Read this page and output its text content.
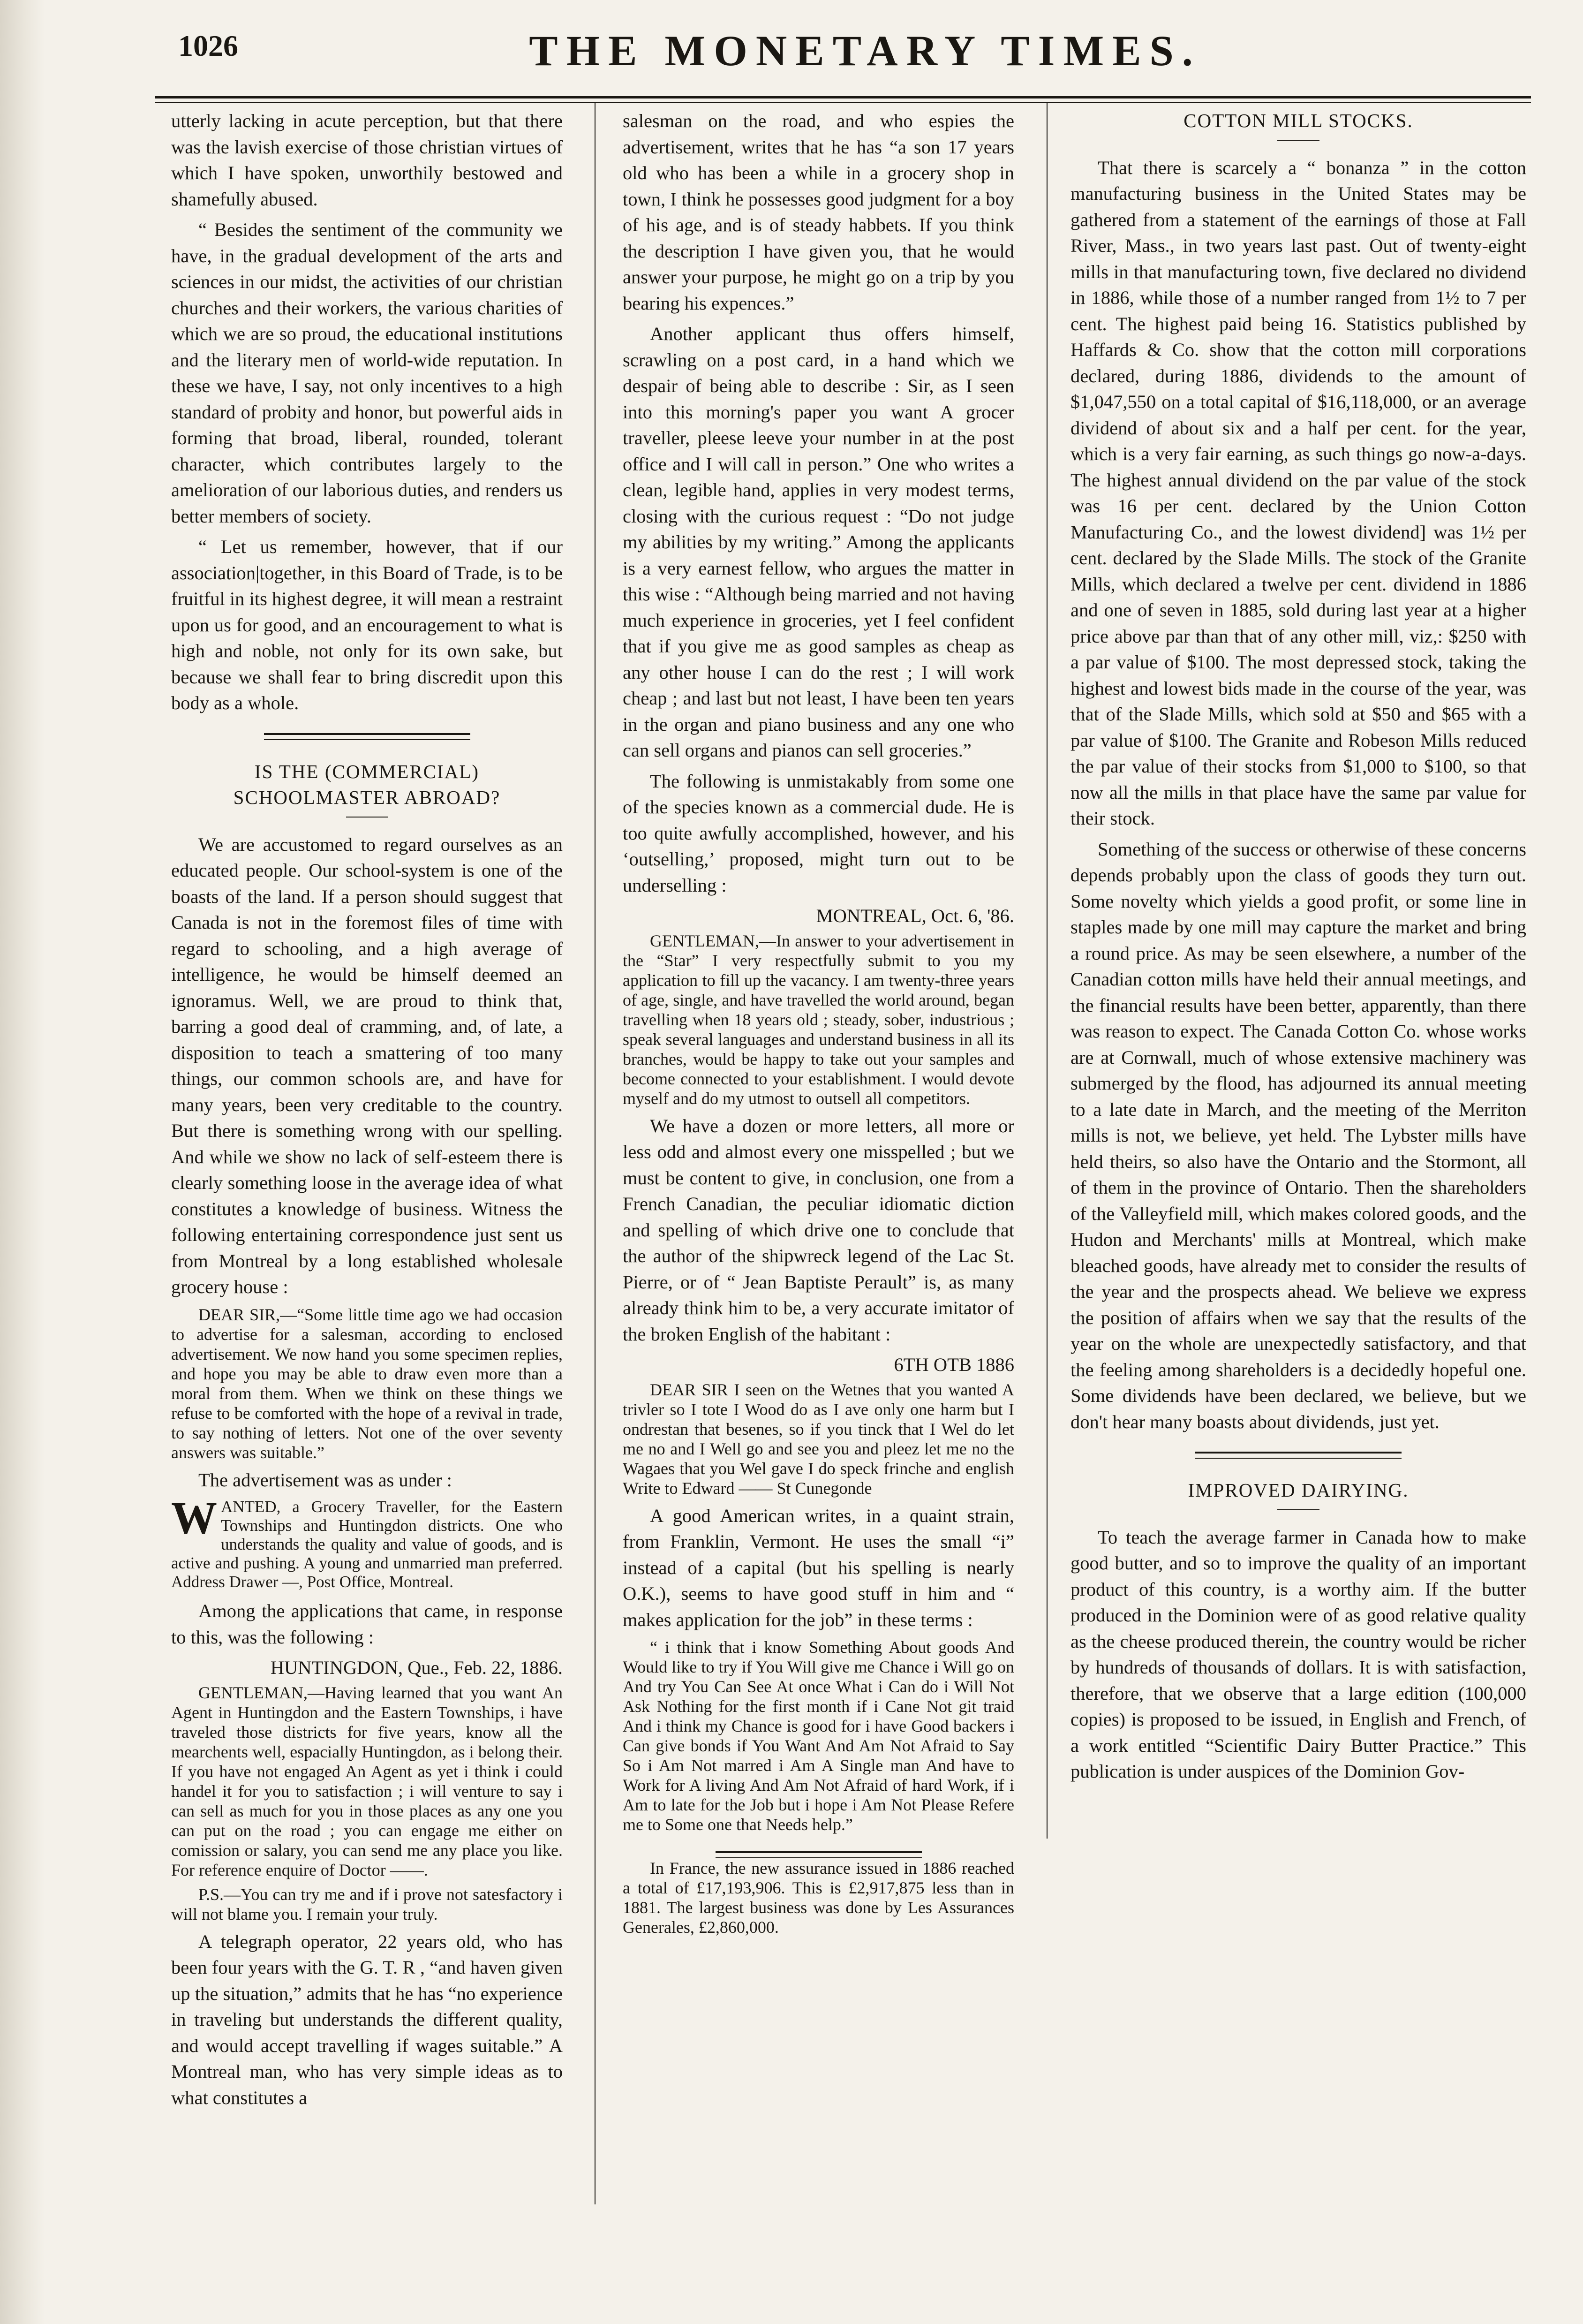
1026	THE MONETARY TIMES.

utterly lacking in acute perception, but that there was the lavish exercise of those christian virtues of which I have spoken, unworthily bestowed and shamefully abused.

“ Besides the sentiment of the community we have, in the gradual development of the arts and sciences in our midst, the activities of our christian churches and their workers, the various charities of which we are so proud, the educational institutions and the literary men of world-wide reputation. In these we have, I say, not only incentives to a high standard of probity and honor, but powerful aids in forming that broad, liberal, rounded, tolerant character, which contributes largely to the amelioration of our laborious duties, and renders us better members of society.

“ Let us remember, however, that if our association|together, in this Board of Trade, is to be fruitful in its highest degree, it will mean a restraint upon us for good, and an encouragement to what is high and noble, not only for its own sake, but because we shall fear to bring discredit upon this body as a whole.

IS THE (COMMERCIAL) SCHOOLMASTER ABROAD?

We are accustomed to regard ourselves as an educated people. Our school-system is one of the boasts of the land. If a person should suggest that Canada is not in the foremost files of time with regard to schooling, and a high average of intelligence, he would be himself deemed an ignoramus. Well, we are proud to think that, barring a good deal of cramming, and, of late, a disposition to teach a smattering of too many things, our common schools are, and have for many years, been very creditable to the country. But there is something wrong with our spelling. And while we show no lack of self-esteem there is clearly something loose in the average idea of what constitutes a knowledge of business. Witness the following entertaining correspondence just sent us from Montreal by a long established wholesale grocery house :

DEAR SIR,—“Some little time ago we had occasion to advertise for a salesman, according to enclosed advertisement. We now hand you some specimen replies, and hope you may be able to draw even more than a moral from them. When we think on these things we refuse to be comforted with the hope of a revival in trade, to say nothing of letters. Not one of the over seventy answers was suitable.”

The advertisement was as under :

W ANTED, a Grocery Traveller, for the Eastern Townships and Huntingdon districts. One who understands the quality and value of goods, and is active and pushing. A young and unmarried man preferred. Address Drawer —, Post Office, Montreal.

Among the applications that came, in response to this, was the following :

HUNTINGDON, Que., Feb. 22, 1886.

GENTLEMAN,—Having learned that you want An Agent in Huntingdon and the Eastern Townships, i have traveled those districts for five years, know all the mearchents well, espacially Huntingdon, as i belong their. If you have not engaged An Agent as yet i think i could handel it for you to satisfaction ; i will venture to say i can sell as much for you in those places as any one you can put on the road ; you can engage me either on comission or salary, you can send me any place you like. For reference enquire of Doctor ——.

P.S.—You can try me and if i prove not satesfactory i will not blame you. I remain your truly.

A telegraph operator, 22 years old, who has been four years with the G. T. R , “and haven given up the situation,” admits that he has “no experience in traveling but understands the different quality, and would accept travelling if wages suitable.” A Montreal man, who has very simple ideas as to what constitutes a

salesman on the road, and who espies the advertisement, writes that he has “a son 17 years old who has been a while in a grocery shop in town, I think he possesses good judgment for a boy of his age, and is of steady habbets. If you think the description I have given you, that he would answer your purpose, he might go on a trip by you bearing his expences.”

Another applicant thus offers himself, scrawling on a post card, in a hand which we despair of being able to describe : Sir, as I seen into this morning's paper you want A grocer traveller, pleese leeve your number in at the post office and I will call in person.” One who writes a clean, legible hand, applies in very modest terms, closing with the curious request : “Do not judge my abilities by my writing.” Among the applicants is a very earnest fellow, who argues the matter in this wise : “Although being married and not having much experience in groceries, yet I feel confident that if you give me as good samples as cheap as any other house I can do the rest ; I will work cheap ; and last but not least, I have been ten years in the organ and piano business and any one who can sell organs and pianos can sell groceries.”

The following is unmistakably from some one of the species known as a commercial dude. He is too quite awfully accomplished, however, and his ‘outselling,’ proposed, might turn out to be underselling :

MONTREAL, Oct. 6, '86.

GENTLEMAN,—In answer to your advertisement in the “Star” I very respectfully submit to you my application to fill up the vacancy. I am twenty-three years of age, single, and have travelled the world around, began travelling when 18 years old ; steady, sober, industrious ; speak several languages and understand business in all its branches, would be happy to take out your samples and become connected to your establishment. I would devote myself and do my utmost to outsell all competitors.

We have a dozen or more letters, all more or less odd and almost every one misspelled ; but we must be content to give, in conclusion, one from a French Canadian, the peculiar idiomatic diction and spelling of which drive one to conclude that the author of the shipwreck legend of the Lac St. Pierre, or of “ Jean Baptiste Perault” is, as many already think him to be, a very accurate imitator of the broken English of the habitant :

6TH OTB 1886

DEAR SIR I seen on the Wetnes that you wanted A trivler so I tote I Wood do as I ave only one harm but I ondrestan that besenes, so if you tinck that I Wel do let me no and I Well go and see you and pleez let me no the Wagaes that you Wel gave I do speck frinche and english Write to Edward —— St Cunegonde

A good American writes, in a quaint strain, from Franklin, Vermont. He uses the small “i” instead of a capital (but his spelling is nearly O.K.), seems to have good stuff in him and “ makes application for the job” in these terms :

“ i think that i know Something About goods And Would like to try if You Will give me Chance i Will go on And try You Can See At once What i Can do i Will Not Ask Nothing for the first month if i Cane Not git traid And i think my Chance is good for i have Good backers i Can give bonds if You Want And Am Not Afraid to Say So i Am Not marred i Am A Single man And have to Work for A living And Am Not Afraid of hard Work, if i Am to late for the Job but i hope i Am Not Please Refere me to Some one that Needs help.”

In France, the new assurance issued in 1886 reached a total of £17,193,906. This is £2,917,875 less than in 1881. The largest business was done by Les Assurances Generales, £2,860,000.

COTTON MILL STOCKS.

That there is scarcely a “ bonanza ” in the cotton manufacturing business in the United States may be gathered from a statement of the earnings of those at Fall River, Mass., in two years last past. Out of twenty-eight mills in that manufacturing town, five declared no dividend in 1886, while those of a number ranged from 1½ to 7 per cent. The highest paid being 16. Statistics published by Haffards & Co. show that the cotton mill corporations declared, during 1886, dividends to the amount of $1,047,550 on a total capital of $16,118,000, or an average dividend of about six and a half per cent. for the year, which is a very fair earning, as such things go now-a-days. The highest annual dividend on the par value of the stock was 16 per cent. declared by the Union Cotton Manufacturing Co., and the lowest dividend] was 1½ per cent. declared by the Slade Mills. The stock of the Granite Mills, which declared a twelve per cent. dividend in 1886 and one of seven in 1885, sold during last year at a higher price above par than that of any other mill, viz,: $250 with a par value of $100. The most depressed stock, taking the highest and lowest bids made in the course of the year, was that of the Slade Mills, which sold at $50 and $65 with a par value of $100. The Granite and Robeson Mills reduced the par value of their stocks from $1,000 to $100, so that now all the mills in that place have the same par value for their stock.

Something of the success or otherwise of these concerns depends probably upon the class of goods they turn out. Some novelty which yields a good profit, or some line in staples made by one mill may capture the market and bring a round price. As may be seen elsewhere, a number of the Canadian cotton mills have held their annual meetings, and the financial results have been better, apparently, than there was reason to expect. The Canada Cotton Co. whose works are at Cornwall, much of whose extensive machinery was submerged by the flood, has adjourned its annual meeting to a late date in March, and the meeting of the Merriton mills is not, we believe, yet held. The Lybster mills have held theirs, so also have the Ontario and the Stormont, all of them in the province of Ontario. Then the shareholders of the Valleyfield mill, which makes colored goods, and the Hudon and Merchants' mills at Montreal, which make bleached goods, have already met to consider the results of the year and the prospects ahead. We believe we express the position of affairs when we say that the results of the year on the whole are unexpectedly satisfactory, and that the feeling among shareholders is a decidedly hopeful one. Some dividends have been declared, we believe, but we don't hear many boasts about dividends, just yet.

IMPROVED DAIRYING.

To teach the average farmer in Canada how to make good butter, and so to improve the quality of an important product of this country, is a worthy aim. If the butter produced in the Dominion were of as good relative quality as the cheese produced therein, the country would be richer by hundreds of thousands of dollars. It is with satisfaction, therefore, that we observe that a large edition (100,000 copies) is proposed to be issued, in English and French, of a work entitled “Scientific Dairy Butter Practice.” This publication is under auspices of the Dominion Gov-
